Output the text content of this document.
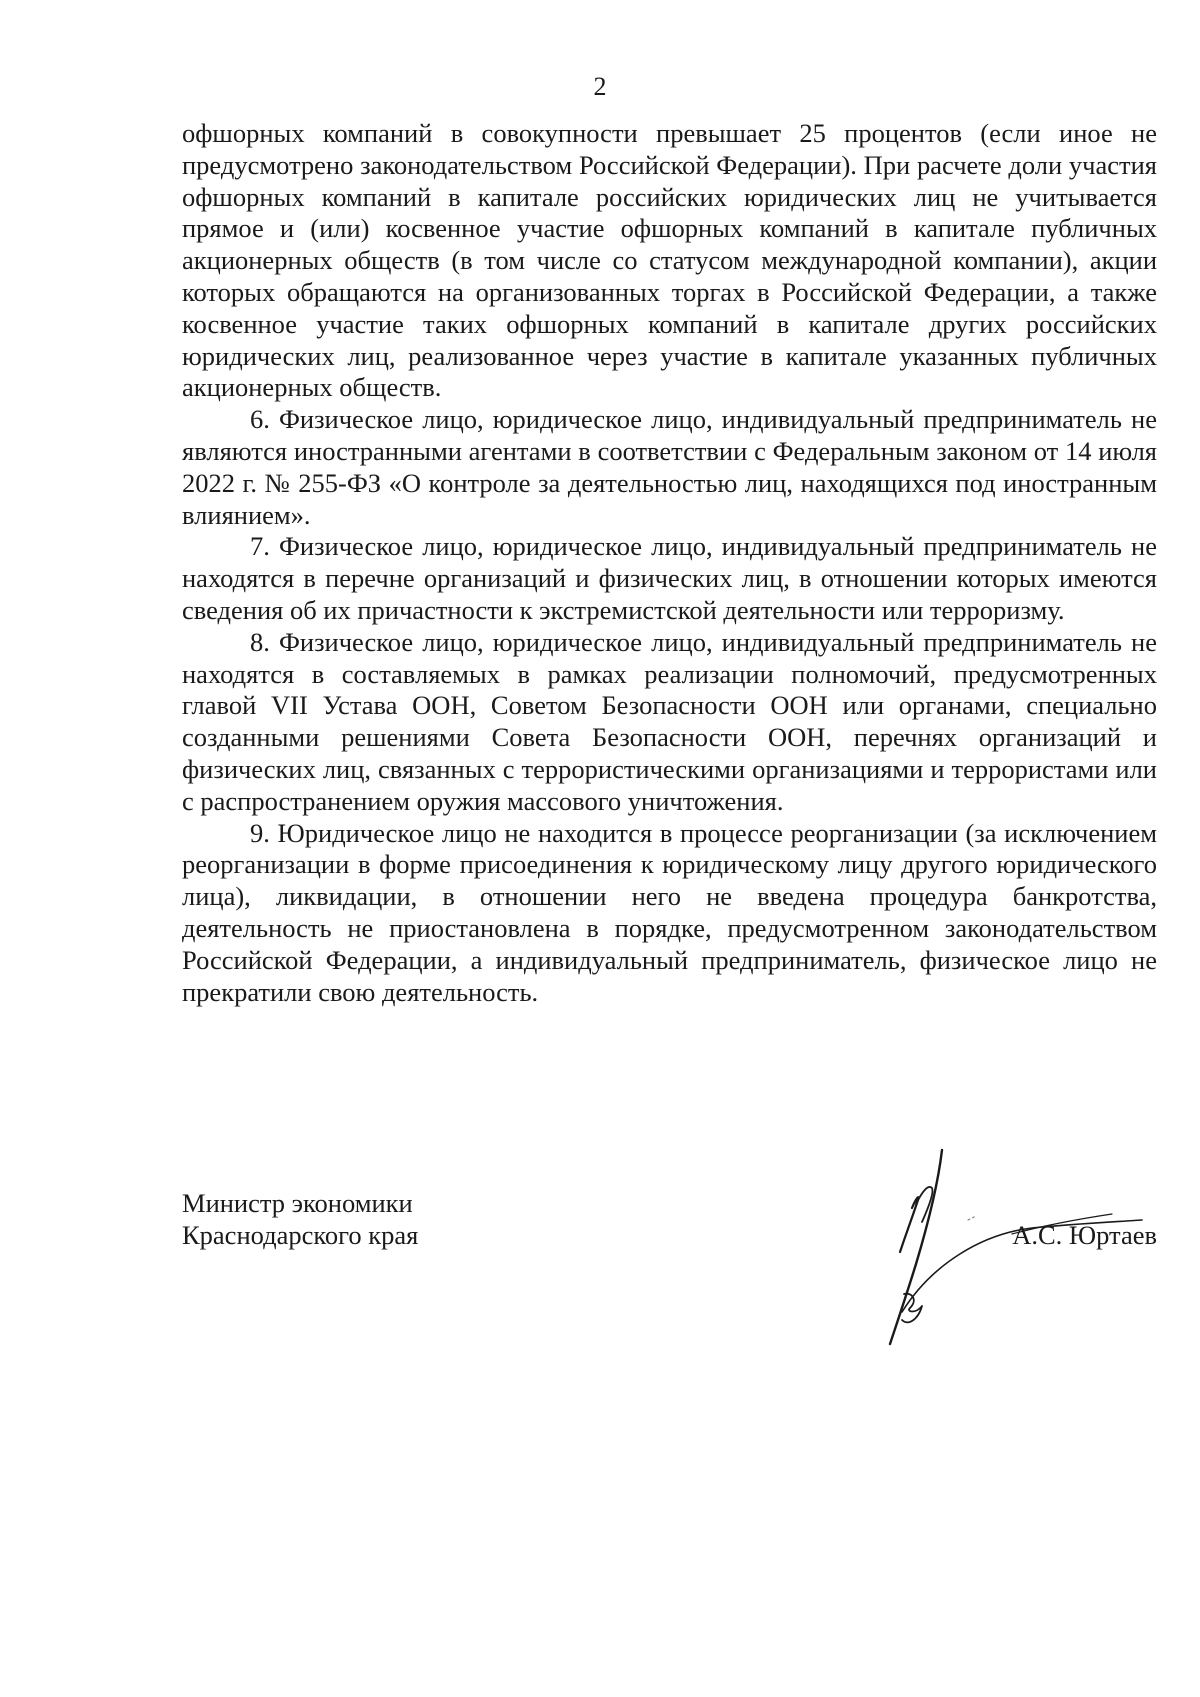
2

офшорных компаний в совокупности превышает 25 процентов (если иное не предусмотрено законодательством Российской Федерации). При расчете доли участия офшорных компаний в капитале российских юридических лиц не учитывается прямое и (или) косвенное участие офшорных компаний в капитале публичных акционерных обществ (в том числе со статусом международной компании), акции которых обращаются на организованных торгах в Российской Федерации, а также косвенное участие таких офшорных компаний в капитале других российских юридических лиц, реализованное через участие в капитале указанных публичных акционерных обществ.

6. Физическое лицо, юридическое лицо, индивидуальный предприниматель не являются иностранными агентами в соответствии с Федеральным законом от 14 июля 2022 г. № 255-ФЗ «О контроле за деятельностью лиц, находящихся под иностранным влиянием».

7. Физическое лицо, юридическое лицо, индивидуальный предприниматель не находятся в перечне организаций и физических лиц, в отношении которых имеются сведения об их причастности к экстремистской деятельности или терроризму.

8. Физическое лицо, юридическое лицо, индивидуальный предприниматель не находятся в составляемых в рамках реализации полномочий, предусмотренных главой VII Устава ООН, Советом Безопасности ООН или органами, специально созданными решениями Совета Безопасности ООН, перечнях организаций и физических лиц, связанных с террористическими организациями и террористами или с распространением оружия массового уничтожения.

9. Юридическое лицо не находится в процессе реорганизации (за исключением реорганизации в форме присоединения к юридическому лицу другого юридического лица), ликвидации, в отношении него не введена процедура банкротства, деятельность не приостановлена в порядке, предусмотренном законодательством Российской Федерации, а индивидуальный предприниматель, физическое лицо не прекратили свою деятельность.

Министр экономики
Краснодарского края	А.С. Юртаев
